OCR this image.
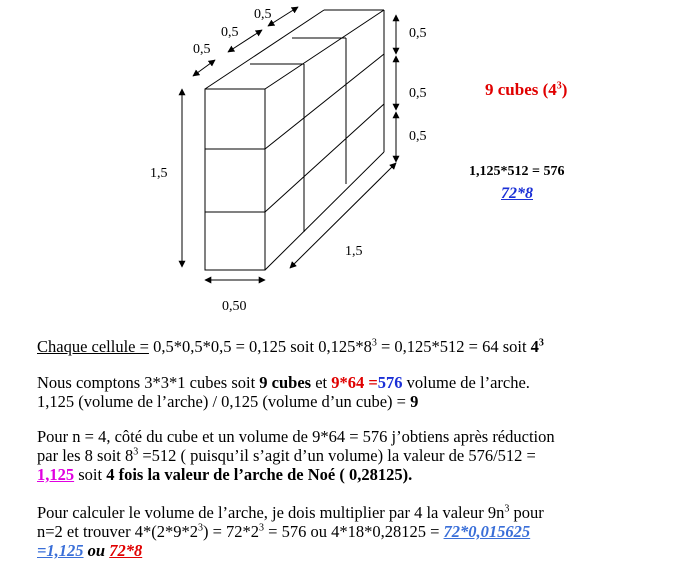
0,5
0,5
0,5
0,5
0,5
0,5
1,5
1,5
0,50
9 cubes $(4^3)$
1,125*512 = 576
72*8
Chaque cellule = 0,5*0,5*0,5 = 0,125 soit $0,125*8^3 = 0,125*512 = 64$ soit $4^3$
Nous comptons 3*3*1 cubes soit 9 cubes et 9*64 =576 volume de l’arche.
1,125 (volume de l’arche) / 0,125 (volume d’un cube) = 9
Pour n = 4, côté du cube et un volume de 9*64 = 576 j’obtiens après réduction
par les 8 soit $8^3 =512$ ( puisqu’il s’agit d’un volume) la valeur de 576/512 =
1,125 soit 4 fois la valeur de l’arche de Noé ( 0,28125).
Pour calculer le volume de l’arche, je dois multiplier par 4 la valeur $9n^3$ pour
n=2 et trouver $4*(2*9*2^3) = 72*2^3 = 576$ ou 4*18*0,28125 = 72*0,015625
=1,125 ou 72*8
